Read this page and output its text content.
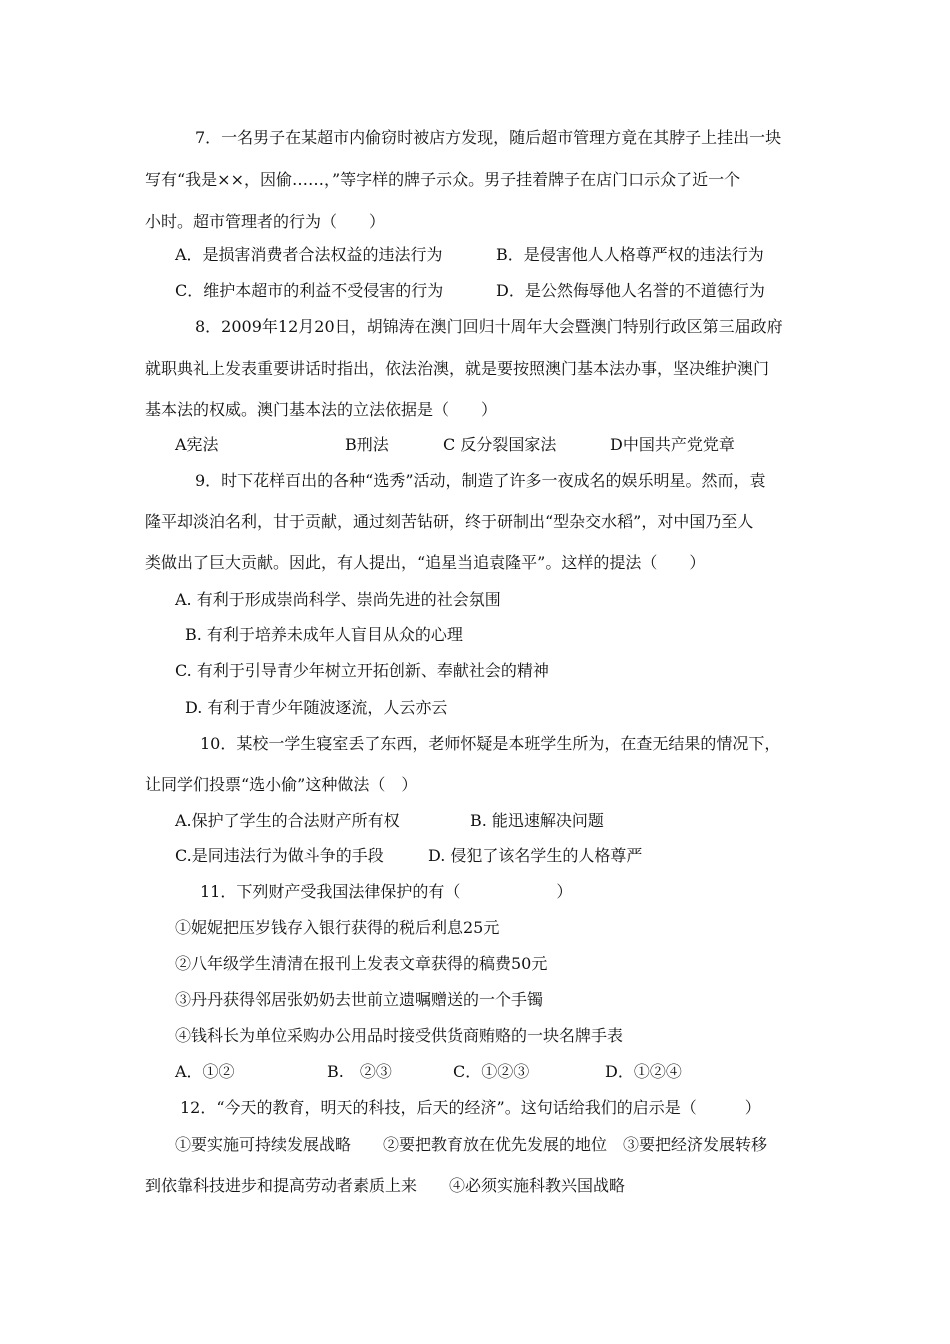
7．一名男子在某超市内偷窃时被店方发现，随后超市管理方竟在其脖子上挂出一块
写有“我是××，因偷……，”等字样的牌子示众。男子挂着牌子在店门口示众了近一个
小时。超市管理者的行为（　　）
A．是损害消费者合法权益的违法行为	B．是侵害他人人格尊严权的违法行为
C．维护本超市的利益不受侵害的行为	D．是公然侮辱他人名誉的不道德行为
8．2009年12月20日，胡锦涛在澳门回归十周年大会暨澳门特别行政区第三届政府
就职典礼上发表重要讲话时指出，依法治澳，就是要按照澳门基本法办事，坚决维护澳门
基本法的权威。澳门基本法的立法依据是（　　）
A宪法	B刑法	C 反分裂国家法	D中国共产党党章
9．时下花样百出的各种“选秀”活动，制造了许多一夜成名的娱乐明星。然而，袁
隆平却淡泊名利，甘于贡献，通过刻苦钻研，终于研制出“型杂交水稻”，对中国乃至人
类做出了巨大贡献。因此，有人提出，“追星当追袁隆平”。这样的提法（　　）
A. 有利于形成崇尚科学、崇尚先进的社会氛围
B. 有利于培养未成年人盲目从众的心理
C. 有利于引导青少年树立开拓创新、奉献社会的精神
D. 有利于青少年随波逐流，人云亦云
10．某校一学生寝室丢了东西，老师怀疑是本班学生所为，在查无结果的情况下，
让同学们投票“选小偷”这种做法（　）
A.保护了学生的合法财产所有权	B. 能迅速解决问题
C.是同违法行为做斗争的手段	D. 侵犯了该名学生的人格尊严
11．下列财产受我国法律保护的有（　　　　　　）
①妮妮把压岁钱存入银行获得的税后利息25元
②八年级学生清清在报刊上发表文章获得的稿费50元
③丹丹获得邻居张奶奶去世前立遗嘱赠送的一个手镯
④钱科长为单位采购办公用品时接受供货商贿赂的一块名牌手表
A．①②	B.　②③	C．①②③	D．①②④
12．“今天的教育，明天的科技，后天的经济”。这句话给我们的启示是（　　　）
①要实施可持续发展战略　　②要把教育放在优先发展的地位　③要把经济发展转移
到依靠科技进步和提高劳动者素质上来　　④必须实施科教兴国战略
